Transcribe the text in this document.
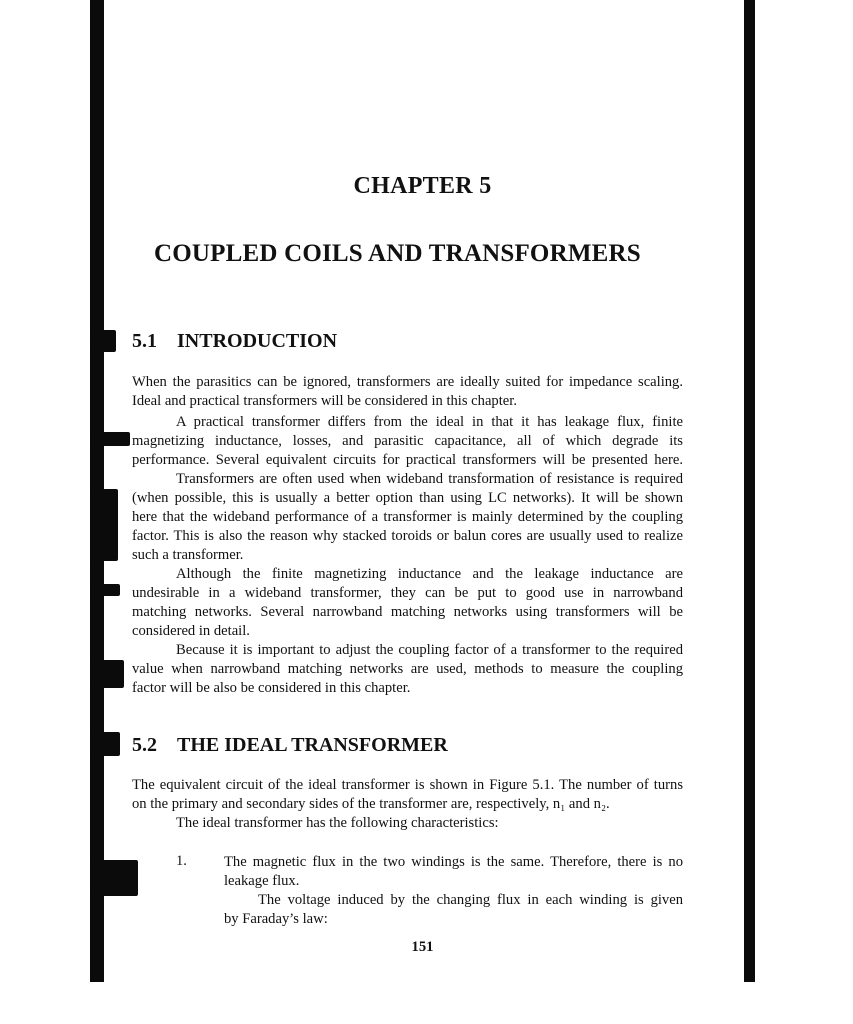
CHAPTER 5
COUPLED COILS AND TRANSFORMERS
5.1 INTRODUCTION
When the parasitics can be ignored, transformers are ideally suited for impedance scaling.
Ideal and practical transformers will be considered in this chapter.
A practical transformer differs from the ideal in that it has leakage flux, finite
magnetizing inductance, losses, and parasitic capacitance, all of which degrade its
performance. Several equivalent circuits for practical transformers will be presented here.
Transformers are often used when wideband transformation of resistance is required
(when possible, this is usually a better option than using LC networks). It will be shown
here that the wideband performance of a transformer is mainly determined by the coupling
factor. This is also the reason why stacked toroids or balun cores are usually used to realize
such a transformer.
Although the finite magnetizing inductance and the leakage inductance are
undesirable in a wideband transformer, they can be put to good use in narrowband
matching networks. Several narrowband matching networks using transformers will be
considered in detail.
Because it is important to adjust the coupling factor of a transformer to the required
value when narrowband matching networks are used, methods to measure the coupling
factor will be also be considered in this chapter.
5.2 THE IDEAL TRANSFORMER
The equivalent circuit of the ideal transformer is shown in Figure 5.1. The number of turns
on the primary and secondary sides of the transformer are, respectively, n₁ and n₂.
The ideal transformer has the following characteristics:
1.	The magnetic flux in the two windings is the same. Therefore, there is no
leakage flux.
The voltage induced by the changing flux in each winding is given
by Faraday’s law:
151
